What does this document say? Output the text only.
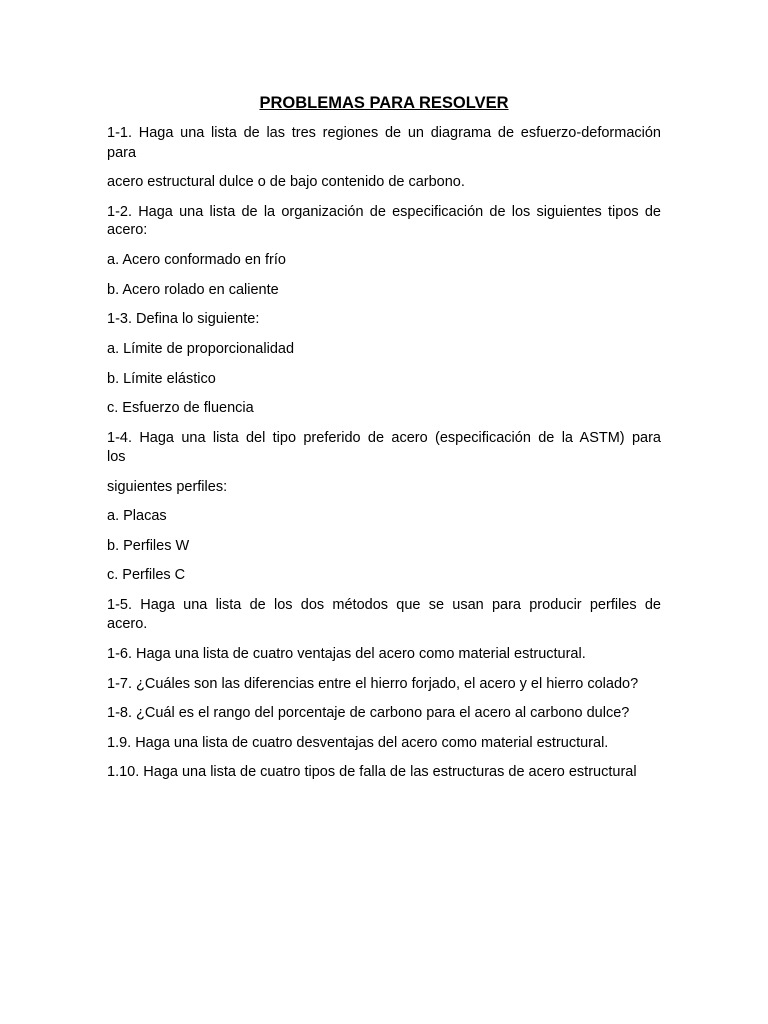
PROBLEMAS PARA RESOLVER
1-1. Haga una lista de las tres regiones de un diagrama de esfuerzo-deformación
para
acero estructural dulce o de bajo contenido de carbono.
1-2. Haga una lista de la organización de especificación de los siguientes tipos de
acero:
a. Acero conformado en frío
b. Acero rolado en caliente
1-3. Defina lo siguiente:
a. Límite de proporcionalidad
b. Límite elástico
c. Esfuerzo de fluencia
1-4. Haga una lista del tipo preferido de acero (especificación de la ASTM) para
los
siguientes perfiles:
a. Placas
b. Perfiles W
c. Perfiles C
1-5. Haga una lista de los dos métodos que se usan para producir perfiles de
acero.
1-6. Haga una lista de cuatro ventajas del acero como material estructural.
1-7. ¿Cuáles son las diferencias entre el hierro forjado, el acero y el hierro colado?
1-8. ¿Cuál es el rango del porcentaje de carbono para el acero al carbono dulce?
1.9. Haga una lista de cuatro desventajas del acero como material estructural.
1.10. Haga una lista de cuatro tipos de falla de las estructuras de acero estructural
